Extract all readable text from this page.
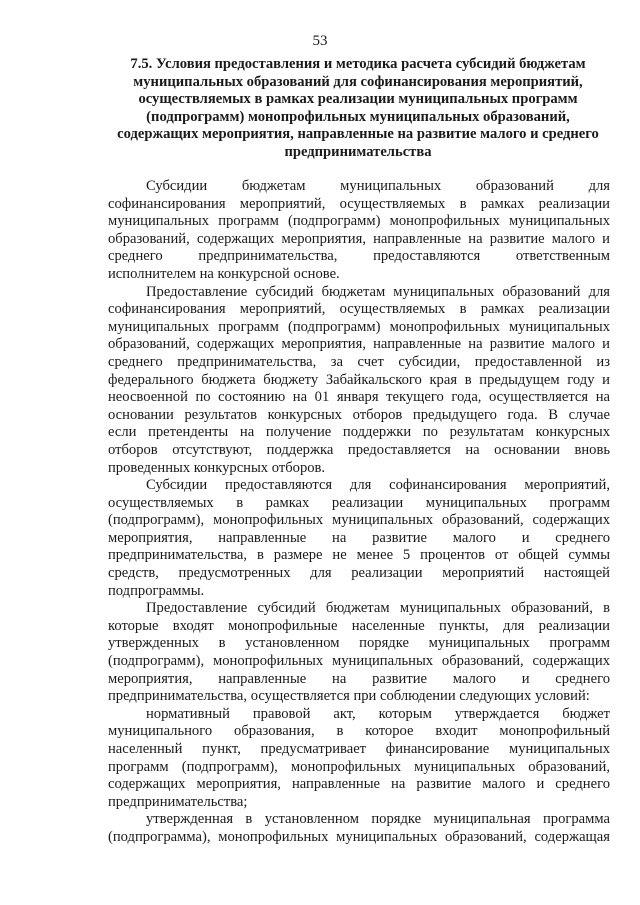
53
7.5. Условия предоставления и методика расчета субсидий бюджетам
муниципальных образований для софинансирования мероприятий,
осуществляемых в рамках реализации муниципальных программ
(подпрограмм) монопрофильных муниципальных образований,
содержащих мероприятия, направленные на развитие малого и среднего
предпринимательства
Субсидии бюджетам муниципальных образований для
софинансирования мероприятий, осуществляемых в рамках реализации
муниципальных программ (подпрограмм) монопрофильных муниципальных
образований, содержащих мероприятия, направленные на развитие малого и
среднего предпринимательства, предоставляются ответственным
исполнителем на конкурсной основе.
Предоставление субсидий бюджетам муниципальных образований для
софинансирования мероприятий, осуществляемых в рамках реализации
муниципальных программ (подпрограмм) монопрофильных муниципальных
образований, содержащих мероприятия, направленные на развитие малого и
среднего предпринимательства, за счет субсидии, предоставленной из
федерального бюджета бюджету Забайкальского края в предыдущем году и
неосвоенной по состоянию на 01 января текущего года, осуществляется на
основании результатов конкурсных отборов предыдущего года. В случае
если претенденты на получение поддержки по результатам конкурсных
отборов отсутствуют, поддержка предоставляется на основании вновь
проведенных конкурсных отборов.
Субсидии предоставляются для софинансирования мероприятий,
осуществляемых в рамках реализации муниципальных программ
(подпрограмм), монопрофильных муниципальных образований, содержащих
мероприятия, направленные на развитие малого и среднего
предпринимательства, в размере не менее 5 процентов от общей суммы
средств, предусмотренных для реализации мероприятий настоящей
подпрограммы.
Предоставление субсидий бюджетам муниципальных образований, в
которые входят монопрофильные населенные пункты, для реализации
утвержденных в установленном порядке муниципальных программ
(подпрограмм), монопрофильных муниципальных образований, содержащих
мероприятия, направленные на развитие малого и среднего
предпринимательства, осуществляется при соблюдении следующих условий:
нормативный правовой акт, которым утверждается бюджет
муниципального образования, в которое входит монопрофильный
населенный пункт, предусматривает финансирование муниципальных
программ (подпрограмм), монопрофильных муниципальных образований,
содержащих мероприятия, направленные на развитие малого и среднего
предпринимательства;
утвержденная в установленном порядке муниципальная программа
(подпрограмма), монопрофильных муниципальных образований, содержащая
